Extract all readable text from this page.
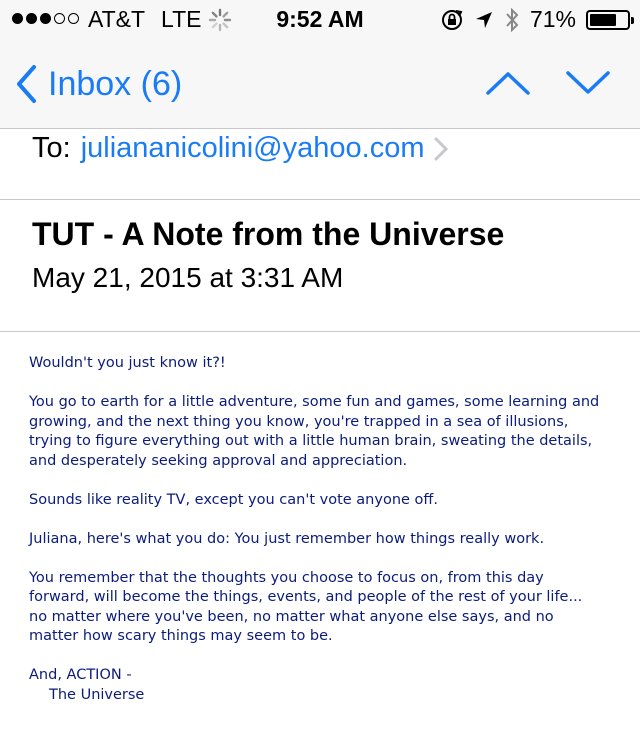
AT&T LTE	9:52 AM	71%
Inbox (6)
To: juliananicolini@yahoo.com
TUT - A Note from the Universe
May 21, 2015 at 3:31 AM

Wouldn't you just know it?!

You go to earth for a little adventure, some fun and games, some learning and
growing, and the next thing you know, you're trapped in a sea of illusions,
trying to figure everything out with a little human brain, sweating the details,
and desperately seeking approval and appreciation.

Sounds like reality TV, except you can't vote anyone off.

Juliana, here's what you do: You just remember how things really work.

You remember that the thoughts you choose to focus on, from this day
forward, will become the things, events, and people of the rest of your life...
no matter where you've been, no matter what anyone else says, and no
matter how scary things may seem to be.

And, ACTION -
The Universe
